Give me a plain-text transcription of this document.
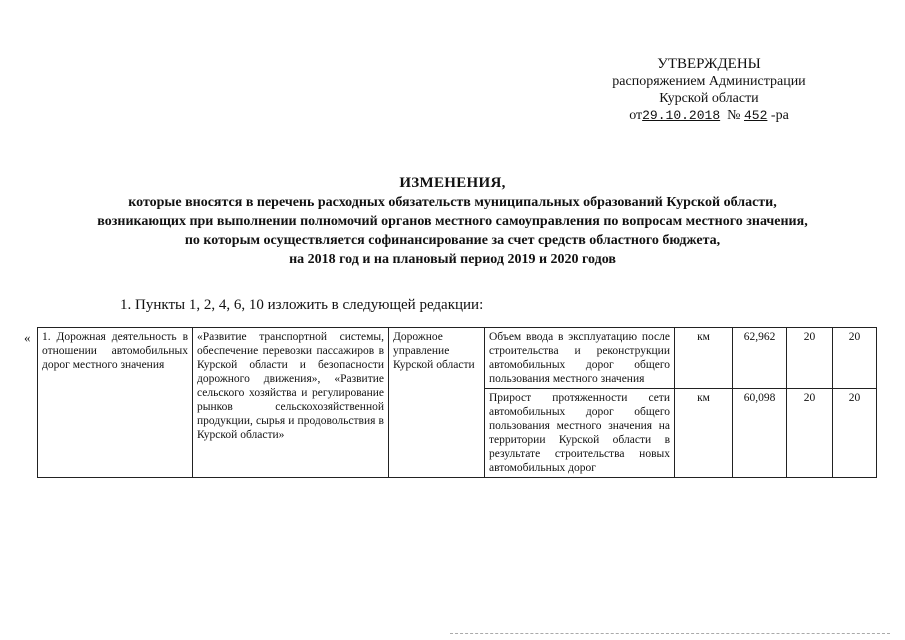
УТВЕРЖДЕНЫ
распоряжением Администрации
Курской области
от29.10.2018 № 452 -ра
ИЗМЕНЕНИЯ,
которые вносятся в перечень расходных обязательств муниципальных образований Курской области,
возникающих при выполнении полномочий органов местного самоуправления по вопросам местного значения,
по которым осуществляется софинансирование за счет средств областного бюджета,
на 2018 год и на плановый период 2019 и 2020 годов
1. Пункты 1, 2, 4, 6, 10 изложить в следующей редакции:
« 1. Дорожная деятельность в отношении автомобильных дорог местного значения	«Развитие транспортной системы, обеспечение перевозки пассажиров в Курской области и безопасности дорожного движения», «Развитие сельского хозяйства и регулирование рынков сельскохозяйственной продукции, сырья и продовольствия в Курской области»	Дорожное управление Курской области	Объем ввода в эксплуатацию после строительства и реконструкции автомобильных дорог общего пользования местного значения	км	62,962	20	20
			Прирост протяженности сети автомобильных дорог общего пользования местного значения на территории Курской области в результате строительства новых автомобильных дорог	км	60,098	20	20
